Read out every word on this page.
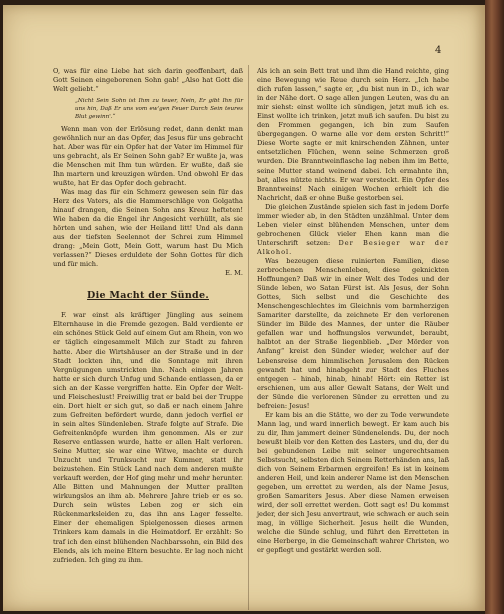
4

O, was für eine Liebe hat sich darin geoffenbart, daß Gott Seinen eingeborenen Sohn gab! „Also hat Gott die Welt geliebt.“

„Nicht Sein Sohn ist Ihm zu teuer, Nein, Er gibt Ihn für uns hin, Daß Er uns vom ew'gen Feuer Durch Sein teures Blut gewinn'.“

Wenn man von der Erlösung redet, dann denkt man gewöhnlich nur an das Opfer, das Jesus für uns gebracht hat. Aber was für ein Opfer hat der Vater im Himmel für uns gebracht, als Er Seinen Sohn gab? Er wußte ja, was die Menschen mit Ihm tun würden. Er wußte, daß sie Ihn martern und kreuzigen würden. Und obwohl Er das wußte, hat Er das Opfer doch gebracht.

Was mag das für ein Schmerz gewesen sein für das Herz des Vaters, als die Hammerschläge von Golgatha hinauf drangen, die Seinen Sohn ans Kreuz hefteten! Wie haben da die Engel ihr Angesicht verhüllt, als sie hörten und sahen, wie der Heiland litt! Und als dann aus der tiefsten Seelennot der Schrei zum Himmel drang: „Mein Gott, Mein Gott, warum hast Du Mich verlassen?“ Dieses erduldete der Sohn Gottes für dich und für mich.

E. M.

Die Macht der Sünde.

F. war einst als kräftiger Jüngling aus seinem Elternhause in die Fremde gezogen. Bald verdiente er ein schönes Stück Geld auf einem Gut am Rhein, von wo er täglich eingesammelt Milch zur Stadt zu fahren hatte. Aber die Wirtshäuser an der Straße und in der Stadt lockten ihn, und die Sonntage mit ihren Vergnügungen umstrickten ihn. Nach einigen Jahren hatte er sich durch Unfug und Schande entlassen, da er sich an der Kasse vergriffen hatte. Ein Opfer der Welt- und Fleischeslust! Freiwillig trat er bald bei der Truppe ein. Dort hielt er sich gut, so daß er nach einem Jahre zum Gefreiten befördert wurde, dann jedoch verfiel er in sein altes Sündenleben. Strafe folgte auf Strafe. Die Gefreitenknöpfe wurden ihm genommen. Als er zur Reserve entlassen wurde, hatte er allen Halt verloren. Seine Mutter, sie war eine Witwe, machte er durch Unzucht und Trunksucht nur Kummer, statt ihr beizustehen. Ein Stück Land nach dem anderen mußte verkauft werden, der Hof ging mehr und mehr herunter. Alle Bitten und Mahnungen der Mutter prallten wirkungslos an ihm ab. Mehrere Jahre trieb er es so. Durch sein wüstes Leben zog er sich ein Rückenmarksleiden zu, das ihn ans Lager fesselte. Einer der ehemaligen Spielgenossen dieses armen Trinkers kam damals in die Heimatdorf. Er erzählt: So traf ich den einst blühenden Nachbarssohn, ein Bild des Elends, als ich meine Eltern besuchte. Er lag noch nicht zufrieden. Ich ging zu ihm.

Als ich an sein Bett trat und ihm die Hand reichte, ging eine Bewegung wie Reue durch sein Herz. „Ich habe dich rufen lassen,“ sagte er, „du bist nun in D., ich war in der Nähe dort. O sage allen jungen Leuten, was du an mir siehst: einst wollte ich sündigen, jetzt muß ich es. Einst wollte ich trinken, jetzt muß ich saufen. Du bist zu den Frommen gegangen, ich bin zum Saufen übergegangen. O warne alle vor dem ersten Schritt!“ Diese Worte sagte er mit knirschenden Zähnen, unter entsetzlichen Flüchen, wenn seine Schmerzen groß wurden. Die Branntweinflasche lag neben ihm im Bette, seine Mutter stand weinend dabei. Ich ermahnte ihn, bat, alles nützte nichts. Er war verstockt. Ein Opfer des Branntweins! Nach einigen Wochen erhielt ich die Nachricht, daß er ohne Buße gestorben sei.

Die gleichen Zustände spielen sich fast in jedem Dorfe immer wieder ab, in den Städten unzählmal. Unter dem Leben vieler einst blühenden Menschen, unter dem gebrochenen Glück vieler Ehen kann man die Unterschrift setzen: Der Besieger war der Alkohol.

Was bezeugen diese ruinierten Familien, diese zerbrochenen Menschenleben, diese geknickten Hoffnungen? Daß wir in einer Welt des Todes und der Sünde leben, wo Satan Fürst ist. Als Jesus, der Sohn Gottes, Sich selbst und die Geschichte des Menschengeschlechtes im Gleichnis vom barmherzigen Samariter darstellte, da zeichnete Er den verlorenen Sünder im Bilde des Mannes, der unter die Räuber gefallen war und hoffnungslos verwundet, beraubt, halbtot an der Straße liegenblieb. „Der Mörder von Anfang“ kreist den Sünder wieder, welcher auf der Lebensreise dem himmlischen Jerusalem den Rücken gewandt hat und hinabgeht zur Stadt des Fluches entgegen – hinab, hinab, hinab! Hört: ein Retter ist erschienen, um aus aller Gewalt Satans, der Welt und der Sünde die verlorenen Sünder zu erretten und zu befreien: Jesus!

Er kam bis an die Stätte, wo der zu Tode verwundete Mann lag, und ward innerlich bewegt. Er kam auch bis zu dir, Ihm jammert deiner Sündenelends. Du, der noch bewußt bleib vor den Ketten des Lasters, und du, der du bei gebundenen Leibe mit seiner ungerechtsamen Selbstsucht, selbsten dich Seinem Retterhänden ans, laß dich von Seinem Erbarmen ergreifen! Es ist in keinem anderen Heil, und kein anderer Name ist den Menschen gegeben, um errettet zu werden, als der Name Jesus, großen Samariters Jesus. Aber diese Namen erweisen wird, der soll errettet werden. Gott sagt es! Du kommst jeder, der sich Jesu anvertraut, wie schwach er auch sein mag, in völlige Sicherheit. Jesus heilt die Wunden, welche die Sünde schlug, und führt den Erretteten in eine Herberge, in die Gemeinschaft wahrer Christen, wo er gepflegt und gestärkt werden soll.
